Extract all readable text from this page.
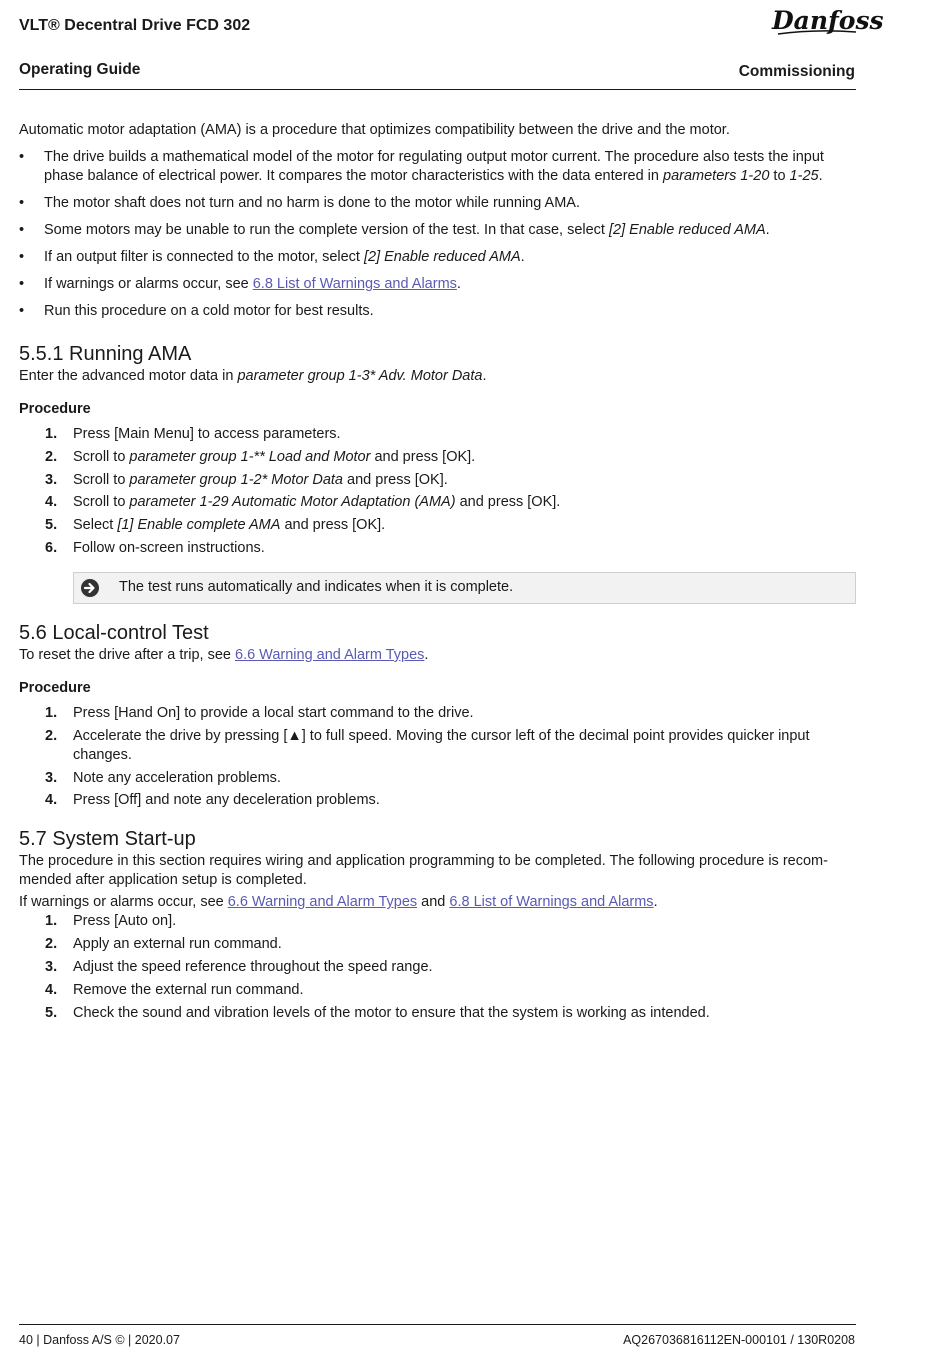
VLT® Decentral Drive FCD 302
Operating Guide	Commissioning
Danfoss

Automatic motor adaptation (AMA) is a procedure that optimizes compatibility between the drive and the motor.

• The drive builds a mathematical model of the motor for regulating output motor current. The procedure also tests the input phase balance of electrical power. It compares the motor characteristics with the data entered in parameters 1-20 to 1-25.
• The motor shaft does not turn and no harm is done to the motor while running AMA.
• Some motors may be unable to run the complete version of the test. In that case, select [2] Enable reduced AMA.
• If an output filter is connected to the motor, select [2] Enable reduced AMA.
• If warnings or alarms occur, see 6.8 List of Warnings and Alarms.
• Run this procedure on a cold motor for best results.
5.5.1 Running AMA

Enter the advanced motor data in parameter group 1-3* Adv. Motor Data.

Procedure

1. Press [Main Menu] to access parameters.
2. Scroll to parameter group 1-** Load and Motor and press [OK].
3. Scroll to parameter group 1-2* Motor Data and press [OK].
4. Scroll to parameter 1-29 Automatic Motor Adaptation (AMA) and press [OK].
5. Select [1] Enable complete AMA and press [OK].
6. Follow on-screen instructions.
The test runs automatically and indicates when it is complete.
5.6 Local-control Test

To reset the drive after a trip, see 6.6 Warning and Alarm Types.

Procedure

1. Press [Hand On] to provide a local start command to the drive.
2. Accelerate the drive by pressing [▲] to full speed. Moving the cursor left of the decimal point provides quicker input changes.
3. Note any acceleration problems.
4. Press [Off] and note any deceleration problems.
5.7 System Start-up

The procedure in this section requires wiring and application programming to be completed. The following procedure is recom-mended after application setup is completed.

If warnings or alarms occur, see 6.6 Warning and Alarm Types and 6.8 List of Warnings and Alarms.

1. Press [Auto on].
2. Apply an external run command.
3. Adjust the speed reference throughout the speed range.
4. Remove the external run command.
5. Check the sound and vibration levels of the motor to ensure that the system is working as intended.
40 | Danfoss A/S © | 2020.07	AQ267036816112EN-000101 / 130R0208
